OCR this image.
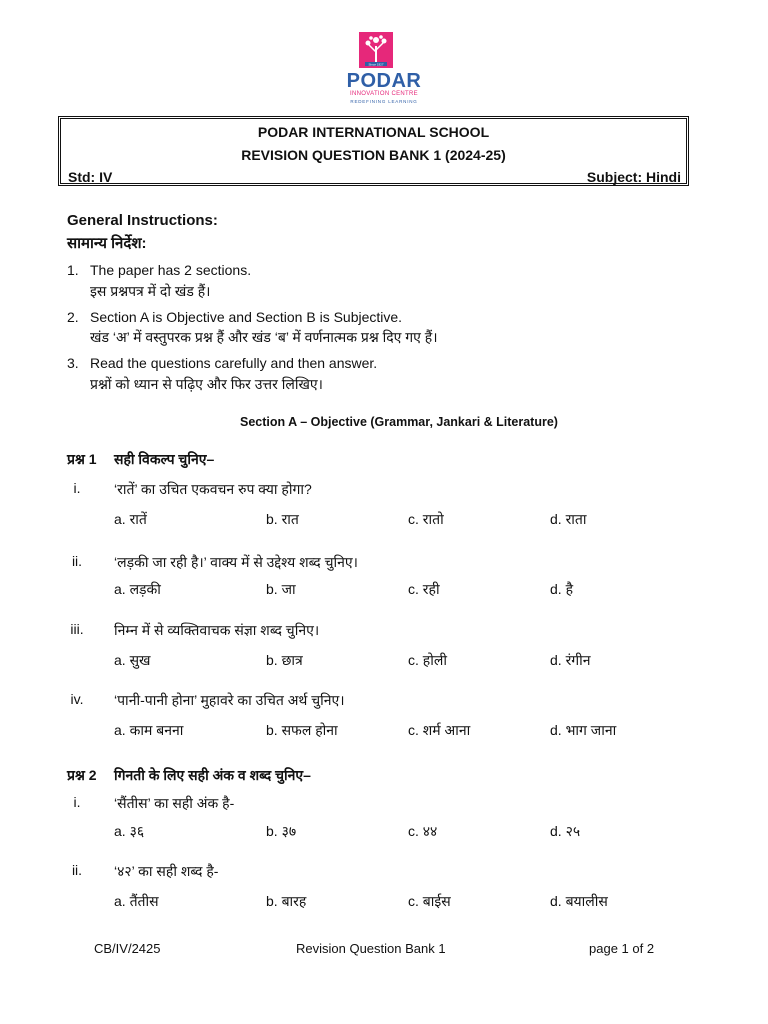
Since 1927
PODAR
INNOVATION CENTRE
REDEFINING LEARNING
PODAR INTERNATIONAL SCHOOL
REVISION QUESTION BANK 1 (2024-25)
Std: IV	Subject: Hindi
General Instructions:
सामान्य निर्देश:
1. The paper has 2 sections.
इस प्रश्नपत्र में दो खंड हैं।
2. Section A is Objective and Section B is Subjective.
खंड ‘अ’ में वस्तुपरक प्रश्न हैं और खंड ‘ब’ में वर्णनात्मक प्रश्न दिए गए हैं।
3. Read the questions carefully and then answer.
प्रश्नों को ध्यान से पढ़िए और फिर उत्तर लिखिए।
Section A – Objective (Grammar, Jankari & Literature)
प्रश्न 1 सही विकल्प चुनिए–
i.	‘रातें’ का उचित एकवचन रुप क्या होगा?
a. रातें	b. रात	c. रातो	d. राता
ii.	‘लड़की जा रही है।’ वाक्य में से उद्देश्य शब्द चुनिए।
a. लड़की	b. जा	c. रही	d. है
iii.	निम्न में से व्यक्तिवाचक संज्ञा शब्द चुनिए।
a. सुख	b. छात्र	c. होली	d. रंगीन
iv.	‘पानी-पानी होना’ मुहावरे का उचित अर्थ चुनिए।
a. काम बनना	b. सफल होना	c. शर्म आना	d. भाग जाना
प्रश्न 2 गिनती के लिए सही अंक व शब्द चुनिए–
i.	‘सैंतीस’ का सही अंक है-
a. ३६	b. ३७	c. ४४	d. २५
ii.	‘४२’ का सही शब्द है-
a. तैंतीस	b. बारह	c. बाईस	d. बयालीस
CB/IV/2425	Revision Question Bank 1	page 1 of 2
